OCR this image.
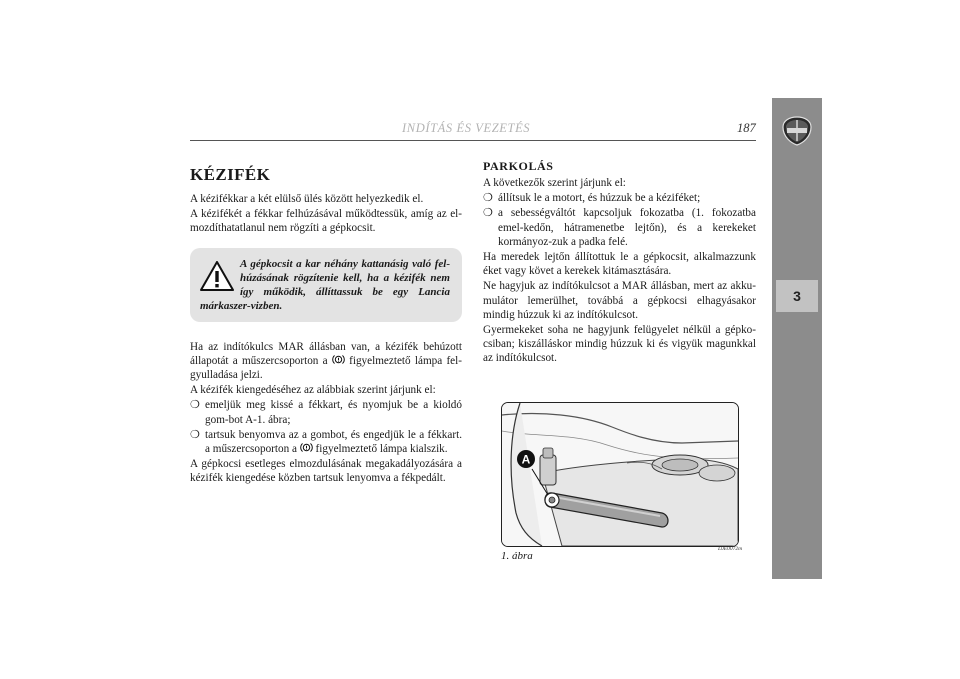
INDÍTÁS ÉS VEZETÉS	187
3
KÉZIFÉK

A kézifékkar a két elülső ülés között helyezkedik el.

A kézifékét a fékkar felhúzásával működtessük, amíg az el-mozdíthatatlanul nem rögzíti a gépkocsit.

A gépkocsit a kar néhány kattanásig való fel-húzásának rögzítenie kell, ha a kézifék nem így működik, állíttassuk be egy Lancia márkaszer-vizben.

Ha az indítókulcs MAR állásban van, a kézifék behúzott állapotát a műszercsoporton a figyelmeztető lámpa fel-gyulladása jelzi.

A kézifék kiengedéséhez az alábbiak szerint járjunk el:

❍ emeljük meg kissé a fékkart, és nyomjuk be a kioldó gom-bot A-1. ábra;
❍ tartsuk benyomva az a gombot, és engedjük le a fékkart. a műszercsoporton a figyelmeztető lámpa kialszik.

A gépkocsi esetleges elmozdulásának megakadályozására a kézifék kiengedése közben tartsuk lenyomva a fékpedált.

PARKOLÁS

A következők szerint járjunk el:

❍ állítsuk le a motort, és húzzuk be a kéziféket;
❍ a sebességváltót kapcsoljuk fokozatba (1. fokozatba emel-kedőn, hátramenetbe lejtőn), és a kerekeket kormányoz-zuk a padka felé.

Ha meredek lejtőn állítottuk le a gépkocsit, alkalmazzunk éket vagy követ a kerekek kitámasztására.

Ne hagyjuk az indítókulcsot a MAR állásban, mert az akku-mulátor lemerülhet, továbbá a gépkocsi elhagyásakor mindig húzzuk ki az indítókulcsot.

Gyermekeket soha ne hagyjunk felügyelet nélkül a gépko-csiban; kiszálláskor mindig húzzuk ki és vigyük magunkkal az indítókulcsot.

A
1. ábra
L0E0072m
